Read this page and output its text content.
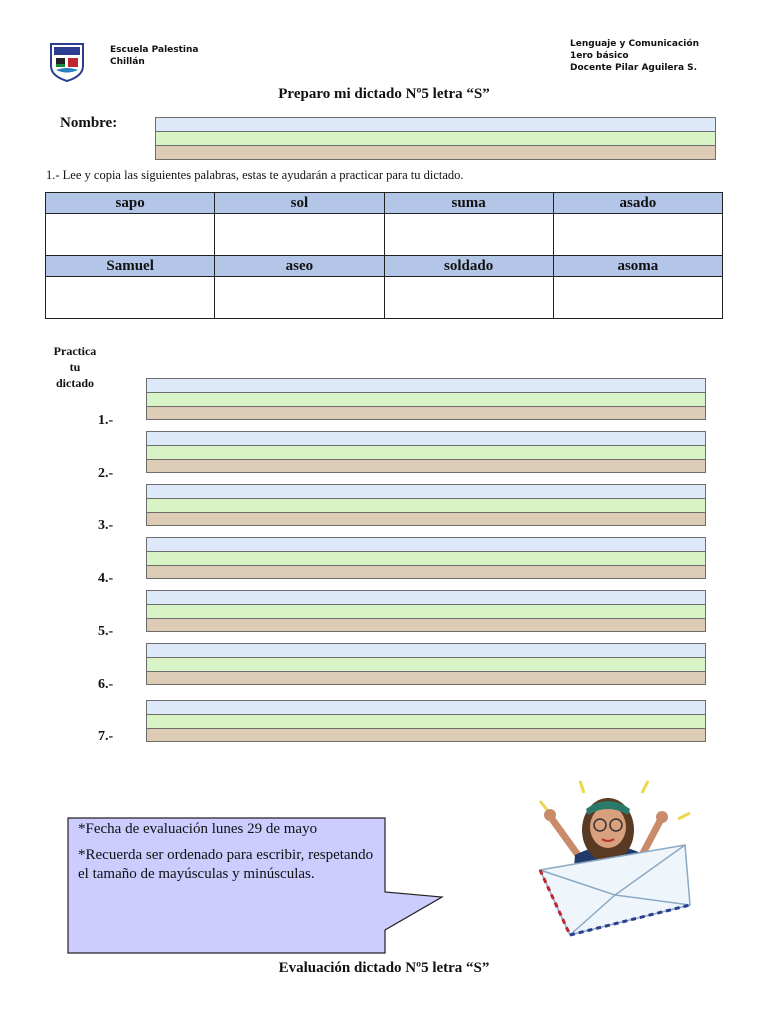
Escuela Palestina
Chillán
Lenguaje y Comunicación
1ero básico
Docente Pilar Aguilera S.
Preparo mi dictado Nº5 letra “S”
Nombre:
1.- Lee y copia las siguientes palabras, estas te ayudarán a practicar para tu dictado.
sapo	sol	suma	asado

Samuel	aseo	soldado	asoma

Practica
tu
dictado
1.-
2.-
3.-
4.-
5.-
6.-
7.-

*Fecha de evaluación lunes 29 de mayo

*Recuerda ser ordenado para escribir, respetando el tamaño de mayúsculas y minúsculas.

Evaluación dictado Nº5 letra “S”
